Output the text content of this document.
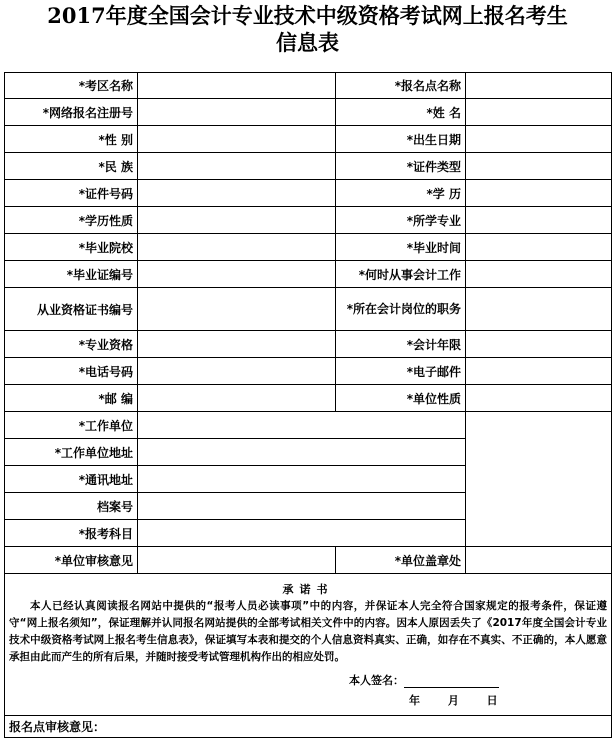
2017年度全国会计专业技术中级资格考试网上报名考生
信息表
*考区名称		*报名点名称	
*网络报名注册号		*姓 名	
*性 别		*出生日期	
*民 族		*证件类型	
*证件号码		*学 历	
*学历性质		*所学专业	
*毕业院校		*毕业时间	
*毕业证编号		*何时从事会计工作	
从业资格证书编号		*所在会计岗位的职务	
*专业资格		*会计年限	
*电话号码		*电子邮件	
*邮 编		*单位性质	
*工作单位			
*工作单位地址			
*通讯地址			
档案号			
*报考科目			
*单位审核意见		*单位盖章处	

承诺书
本人已经认真阅读报名网站中提供的“报考人员必读事项”中的内容，并保证本人完全符合国家规定的报考条件，保证遵守“网上报名须知”，保证理解并认同报名网站提供的全部考试相关文件中的内容。因本人原因丢失了《2017年度全国会计专业技术中级资格考试网上报名考生信息表》，保证填写本表和提交的个人信息资料真实、正确，如存在不真实、不正确的，本人愿意承担由此而产生的所有后果，并随时接受考试管理机构作出的相应处罚。
本人签名：
年 月 日			

报名点审核意见：			
